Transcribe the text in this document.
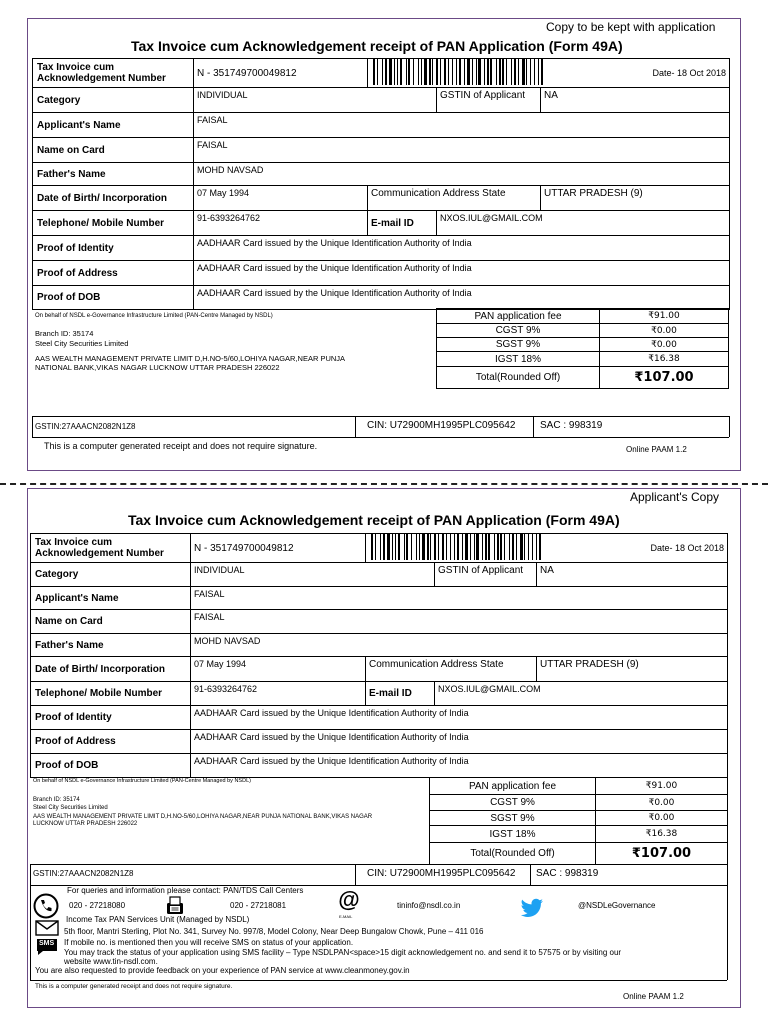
Copy to be kept with application
Tax Invoice cum Acknowledgement receipt of PAN Application (Form 49A)
Tax Invoice cum Acknowledgement Number	N - 351749700049812				Date- 18 Oct 2018
Category	INDIVIDUAL		GSTIN of Applicant	NA	
Applicant's Name	FAISAL				
Name on Card	FAISAL				
Father's Name	MOHD NAVSAD				
Date of Birth/ Incorporation	07 May 1994	Communication Address State		UTTAR PRADESH (9)	
Telephone/ Mobile Number	91-6393264762	E-mail ID	NXOS.IUL@GMAIL.COM		
Proof of Identity	AADHAAR Card issued by the Unique Identification Authority of India				
Proof of Address	AADHAAR Card issued by the Unique Identification Authority of India				
Proof of DOB	AADHAAR Card issued by the Unique Identification Authority of India				
On behalf of NSDL e-Governance Infrastructure Limited (PAN-Centre Managed by NSDL)
Branch ID: 35174
Steel City Securities Limited
AAS WEALTH MANAGEMENT PRIVATE LIMIT D,H.NO-5/60,LOHIYA NAGAR,NEAR PUNJA
NATIONAL BANK,VIKAS NAGAR LUCKNOW UTTAR PRADESH 226022
PAN application fee	₹91.00
CGST 9%	₹0.00
SGST 9%	₹0.00
IGST 18%	₹16.38
Total(Rounded Off)	₹107.00
GSTIN:27AAACN2082N1Z8	CIN: U72900MH1995PLC095642 SAC : 998319
This is a computer generated receipt and does not require signature.	Online PAAM 1.2
Applicant's Copy
Tax Invoice cum Acknowledgement receipt of PAN Application (Form 49A)
Tax Invoice cum Acknowledgement Number	N - 351749700049812				Date- 18 Oct 2018
Category	INDIVIDUAL		GSTIN of Applicant	NA	
Applicant's Name	FAISAL				
Name on Card	FAISAL				
Father's Name	MOHD NAVSAD				
Date of Birth/ Incorporation	07 May 1994	Communication Address State		UTTAR PRADESH (9)	
Telephone/ Mobile Number	91-6393264762	E-mail ID	NXOS.IUL@GMAIL.COM		
Proof of Identity	AADHAAR Card issued by the Unique Identification Authority of India				
Proof of Address	AADHAAR Card issued by the Unique Identification Authority of India				
Proof of DOB	AADHAAR Card issued by the Unique Identification Authority of India				
On behalf of NSDL e-Governance Infrastructure Limited (PAN-Centre Managed by NSDL)
Branch ID: 35174
Steel City Securities Limited
AAS WEALTH MANAGEMENT PRIVATE LIMIT D,H.NO-5/60,LOHIYA NAGAR,NEAR PUNJA NATIONAL BANK,VIKAS NAGAR
LUCKNOW UTTAR PRADESH 226022
PAN application fee	₹91.00
CGST 9%	₹0.00
SGST 9%	₹0.00
IGST 18%	₹16.38
Total(Rounded Off)	₹107.00
GSTIN:27AAACN2082N1Z8	CIN: U72900MH1995PLC095642 SAC : 998319
For queries and information please contact: PAN/TDS Call Centers
020 - 27218080	020 - 27218081 @
E-MAIL
tininfo@nsdl.co.in	@NSDLeGovernance
Income Tax PAN Services Unit (Managed by NSDL)
5th floor, Mantri Sterling, Plot No. 341, Survey No. 997/8, Model Colony, Near Deep Bungalow Chowk, Pune – 411 016
SMS If mobile no. is mentioned then you will receive SMS on status of your application.
You may track the status of your application using SMS facility – Type NSDLPAN<space>15 digit acknowledgement no. and send it to 57575 or by visiting our
website www.tin-nsdl.com.
You are also requested to provide feedback on your experience of PAN service at www.cleanmoney.gov.in
This is a computer generated receipt and does not require signature.
Online PAAM 1.2
